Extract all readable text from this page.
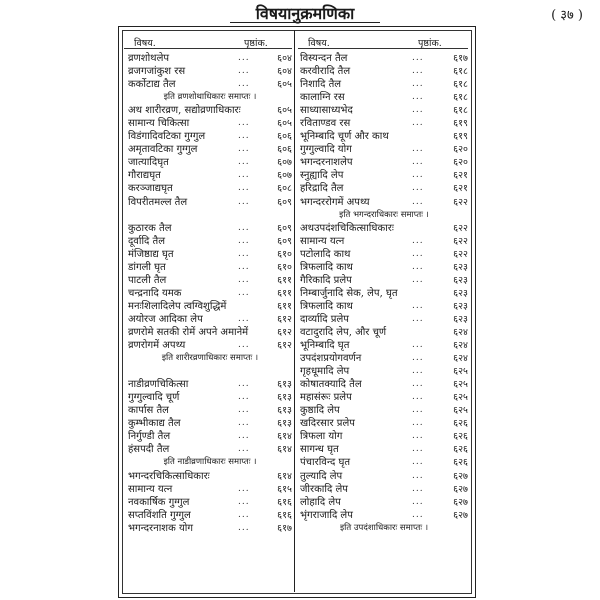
विषयानुक्रमणिका	( ३७ )
विषय.	पृष्ठांक.	विषय.	पृष्ठांक.
व्रणशोथलेप	...	६०४
व्रजगजांकुश रस	...	६०४
कर्कोटाद्य तैल	...	६०५
इति व्रणशोथाधिकारः समाप्तः ।
अथ शारीरव्रण, सद्योव्रणाधिकारः	६०५
सामान्य चिकित्सा	...	६०५
विडंगादिवटिका गुग्गुल	...	६०६
अमृतावटिका गुग्गुल	...	६०६
जात्यादिघृत	...	६०७
गौराद्यघृत	...	६०७
करञ्जाद्यघृत	...	६०८
विपरीतमल्ल तैल	...	६०९
कुठारक तैल	...	६०९
दूर्वादि तैल	...	६०९
मंजिष्ठाद्य घृत	...	६१०
डांगली घृत	...	६१०
पाटली तैल	...	६११
चन्द्रनादि यमक	...	६११
मनःशिलादिलेप त्वग्विशुद्धिमें	६११
अयोरज आदिका लेप	...	६१२
व्रणरोमे सतकी रोमें अपने अमानेमें	६१२
व्रणरोगमें अपथ्य	...	६१२
इति शारीरव्रणाधिकारः समाप्तः ।
नाडीव्रणचिकित्सा	...	६१३
गुग्गुल्वादि चूर्ण	...	६१३
कार्पास तैल	...	६१३
कुम्भीकाद्य तैल	...	६१३
निर्गुण्डी तैल	...	६१४
हंसपदी तैल	...	६१४
इति नाडीव्रणाधिकारः समाप्तः ।
भगन्दरचिकित्साधिकारः	६१४
सामान्य यत्न	...	६१५
नवकार्षिक गुग्गुल	...	६१६
सप्तविंशति गुग्गुल	...	६१६
भगन्दरनाशक योग	...	६१७
विस्यन्दन तैल	...	६१७
करवीरादि तैल	...	६१८
निशादि तैल	...	६१८
कालाग्नि रस	...	६१८
साध्यासाध्यभेद	...	६१८
रविताण्डव रस	...	६१९
भूनिम्बादि चूर्ण और काथ	६१९
गुग्गुल्वादि योग	...	६२०
भगन्दरनाशलेप	...	६२०
स्नुह्यादि लेप	...	६२१
हरिद्रादि तैल	...	६२१
भगन्दररोगमें अपथ्य	...	६२२
इति भगन्दराधिकारः समाप्तः ।
अथउपदंशचिकित्साधिकारः	६२२
सामान्य यत्न	...	६२२
पटोलादि काथ	...	६२२
त्रिफलादि काथ	...	६२३
गैरिकादि प्रलेप	...	६२३
निम्बार्जुनादि सेक, लेप, घृत	६२३
त्रिफलादि काथ	...	६२३
दार्व्यादि प्रलेप	...	६२३
वटादुरादि लेप, और चूर्ण	६२४
भूनिम्बादि घृत	...	६२४
उपदंशप्रयोगवर्णन	...	६२४
गृहधूमादि लेप	...	६२५
कोषातक्यादि तैल	...	६२५
महासंरूः प्रलेप	...	६२५
कुष्ठादि लेप	...	६२५
खदिरसार प्रलेप	...	६२६
त्रिफला योग	...	६२६
सागन्ध घृत	...	६२६
पंचारविन्द घृत	...	६२६
तुल्यादि लेप	...	६२७
जीरकादि लेप	...	६२७
लोहादि लेप	...	६२७
भृंगराजादि लेप	...	६२७
इति उपदंशाधिकारः समाप्तः ।
